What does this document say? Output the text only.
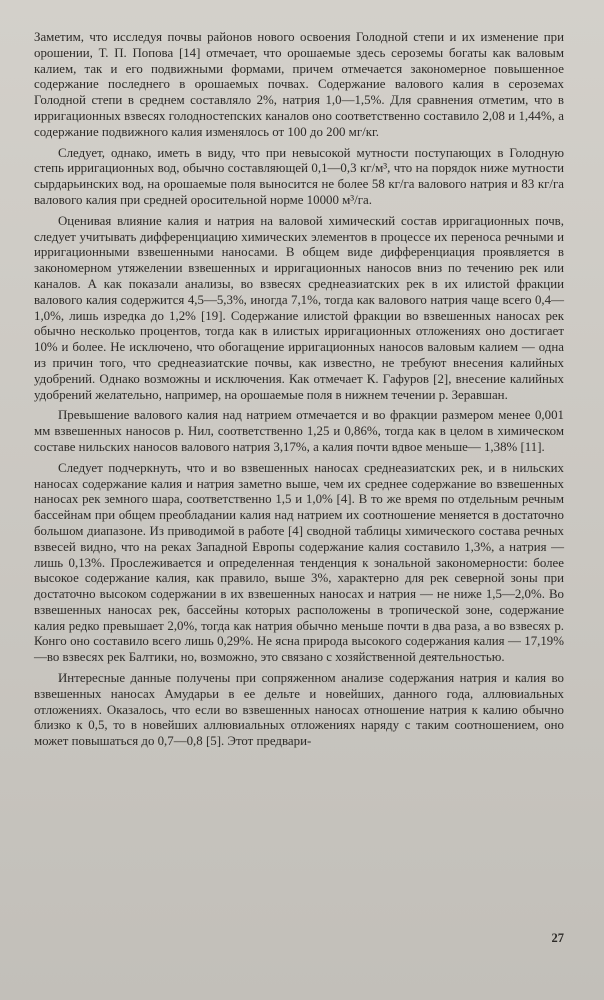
Заметим, что исследуя почвы районов нового освоения Голодной степи и их изменение при орошении, Т. П. Попова [14] отмечает, что орошаемые здесь сероземы богаты как валовым калием, так и его подвижными формами, причем отмечается закономерное повышенное содержание последнего в орошаемых почвах. Содержание валового калия в сероземах Голодной степи в среднем составляло 2%, натрия 1,0—1,5%. Для сравнения отметим, что в ирригационных взвесях голодностепских каналов оно соответственно составило 2,08 и 1,44%, а содержание подвижного калия изменялось от 100 до 200 мг/кг.

Следует, однако, иметь в виду, что при невысокой мутности поступающих в Голодную степь ирригационных вод, обычно составляющей 0,1—0,3 кг/м³, что на порядок ниже мутности сырдарьинских вод, на орошаемые поля выносится не более 58 кг/га валового натрия и 83 кг/га валового калия при средней оросительной норме 10000 м³/га.

Оценивая влияние калия и натрия на валовой химический состав ирригационных почв, следует учитывать дифференциацию химических элементов в процессе их переноса речными и ирригационными взвешенными наносами. В общем виде дифференциация проявляется в закономерном утяжелении взвешенных и ирригационных наносов вниз по течению рек или каналов. А как показали анализы, во взвесях среднеазиатских рек в их илистой фракции валового калия содержится 4,5—5,3%, иногда 7,1%, тогда как валового натрия чаще всего 0,4—1,0%, лишь изредка до 1,2% [19]. Содержание илистой фракции во взвешенных наносах рек обычно несколько процентов, тогда как в илистых ирригационных отложениях оно достигает 10% и более. Не исключено, что обогащение ирригационных наносов валовым калием — одна из причин того, что среднеазиатские почвы, как известно, не требуют внесения калийных удобрений. Однако возможны и исключения. Как отмечает К. Гафуров [2], внесение калийных удобрений желательно, например, на орошаемые поля в нижнем течении р. Зеравшан.

Превышение валового калия над натрием отмечается и во фракции размером менее 0,001 мм взвешенных наносов р. Нил, соответственно 1,25 и 0,86%, тогда как в целом в химическом составе нильских наносов валового натрия 3,17%, а калия почти вдвое меньше— 1,38% [11].

Следует подчеркнуть, что и во взвешенных наносах среднеазиатских рек, и в нильских наносах содержание калия и натрия заметно выше, чем их среднее содержание во взвешенных наносах рек земного шара, соответственно 1,5 и 1,0% [4]. В то же время по отдельным речным бассейнам при общем преобладании калия над натрием их соотношение меняется в достаточно большом диапазоне. Из приводимой в работе [4] сводной таблицы химического состава речных взвесей видно, что на реках Западной Европы содержание калия составило 1,3%, а натрия — лишь 0,13%. Прослеживается и определенная тенденция к зональной закономерности: более высокое содержание калия, как правило, выше 3%, характерно для рек северной зоны при достаточно высоком содержании в их взвешенных наносах и натрия — не ниже 1,5—2,0%. Во взвешенных наносах рек, бассейны которых расположены в тропической зоне, содержание калия редко превышает 2,0%, тогда как натрия обычно меньше почти в два раза, а во взвесях р. Конго оно составило всего лишь 0,29%. Не ясна природа высокого содержания калия — 17,19%—во взвесях рек Балтики, но, возможно, это связано с хозяйственной деятельностью.

Интересные данные получены при сопряженном анализе содержания натрия и калия во взвешенных наносах Амударьи в ее дельте и новейших, данного года, аллювиальных отложениях. Оказалось, что если во взвешенных наносах отношение натрия к калию обычно близко к 0,5, то в новейших аллювиальных отложениях наряду с таким соотношением, оно может повышаться до 0,7—0,8 [5]. Этот предвари-

27
